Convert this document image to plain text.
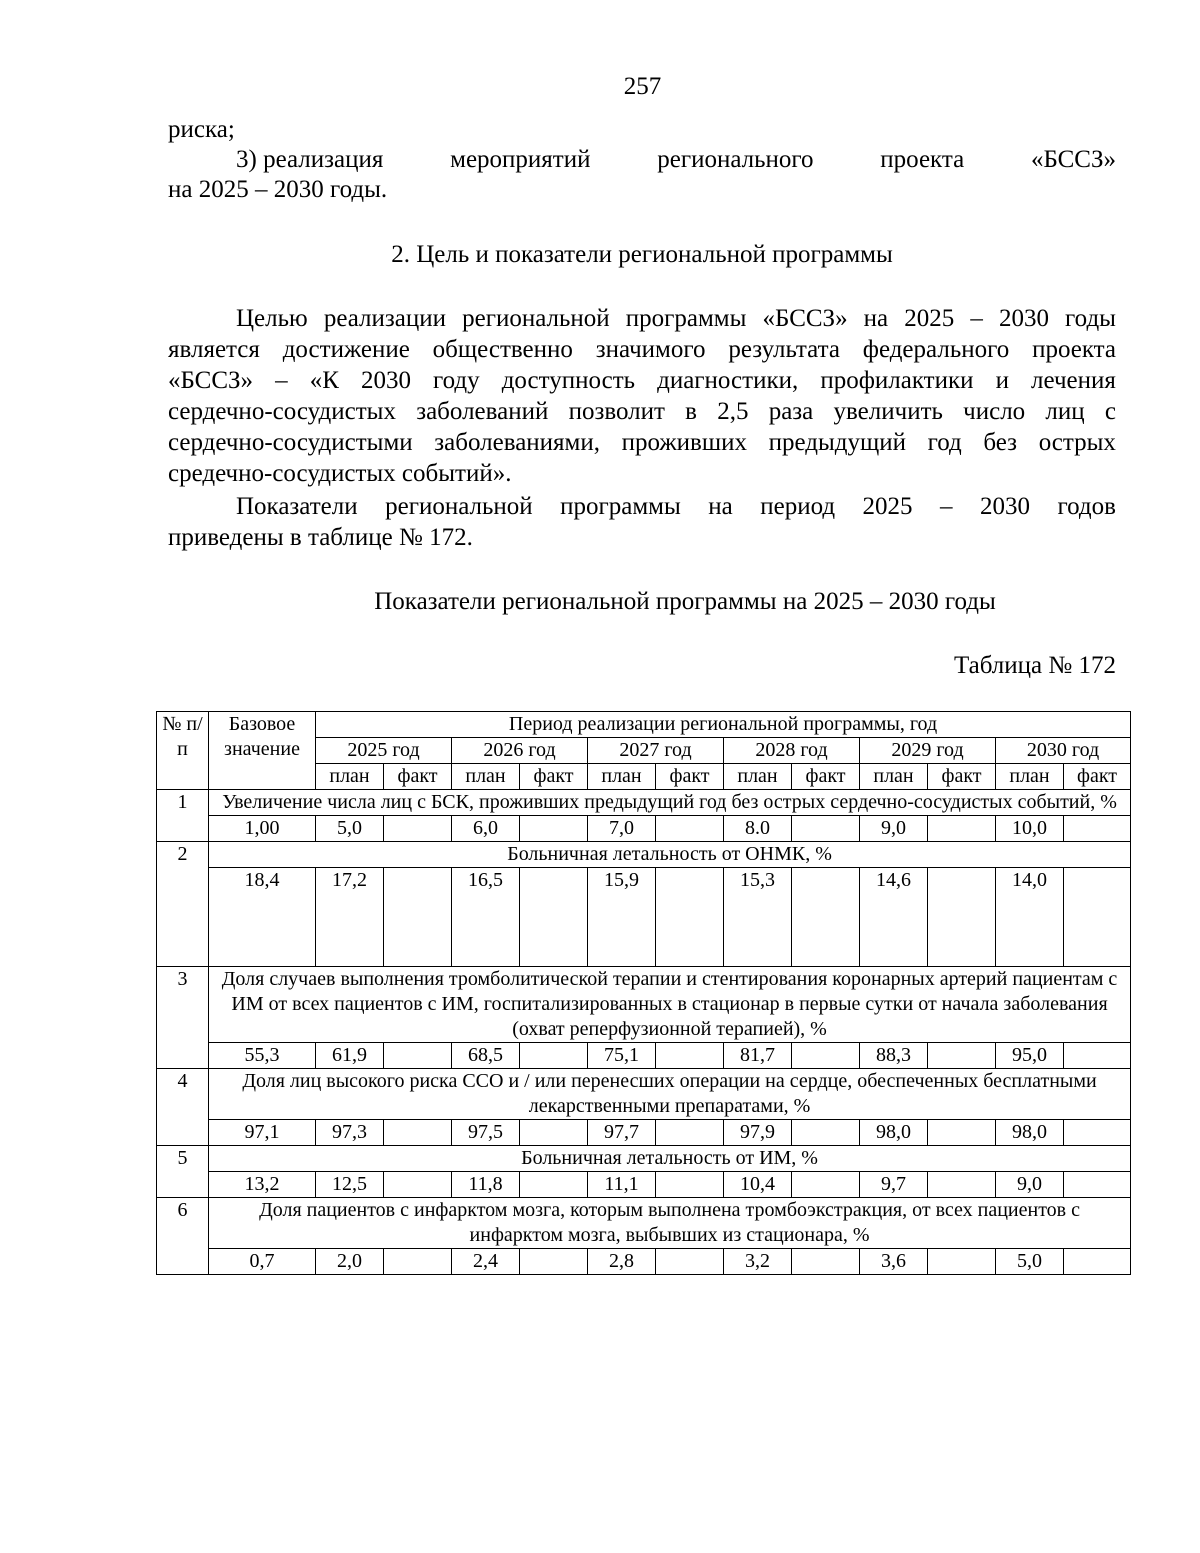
257
риска;
3) реализация	мероприятий	регионального	проекта	«БССЗ»
на 2025 – 2030 годы.
2. Цель и показатели региональной программы
Целью реализации региональной программы «БССЗ» на 2025 – 2030 годы
является достижение общественно значимого результата федерального проекта
«БССЗ» – «К 2030 году доступность диагностики, профилактики и лечения
сердечно-сосудистых заболеваний позволит в 2,5 раза увеличить число лиц с
сердечно-сосудистыми заболеваниями, проживших предыдущий год без острых
средечно-сосудистых событий».
Показатели региональной программы на период 2025 – 2030 годов
приведены в таблице № 172.
Показатели региональной программы на 2025 – 2030 годы
Таблица № 172
№ п/п	Базовое значение	Период реализации региональной программы, год											
		2025 год		2026 год		2027 год		2028 год		2029 год		2030 год	
		план	факт	план	факт	план	факт	план	факт	план	факт	план	факт
1	Увеличение числа лиц с БСК, проживших предыдущий год без острых сердечно-сосудистых событий, %												
	1,00	5,0		6,0		7,0		8.0		9,0		10,0	
2	Больничная летальность от ОНМК, %												
	18,4	17,2		16,5		15,9		15,3		14,6		14,0	
3	Доля случаев выполнения тромболитической терапии и стентирования коронарных артерий пациентам с ИМ от всех пациентов с ИМ, госпитализированных в стационар в первые сутки от начала заболевания (охват реперфузионной терапией), %												
	55,3	61,9		68,5		75,1		81,7		88,3		95,0	
4	Доля лиц высокого риска ССО и / или перенесших операции на сердце, обеспеченных бесплатными лекарственными препаратами, %												
	97,1	97,3		97,5		97,7		97,9		98,0		98,0	
5	Больничная летальность от ИМ, %												
	13,2	12,5		11,8		11,1		10,4		9,7		9,0	
6	Доля пациентов с инфарктом мозга, которым выполнена тромбоэкстракция, от всех пациентов с инфарктом мозга, выбывших из стационара, %												
	0,7	2,0		2,4		2,8		3,2		3,6		5,0	
